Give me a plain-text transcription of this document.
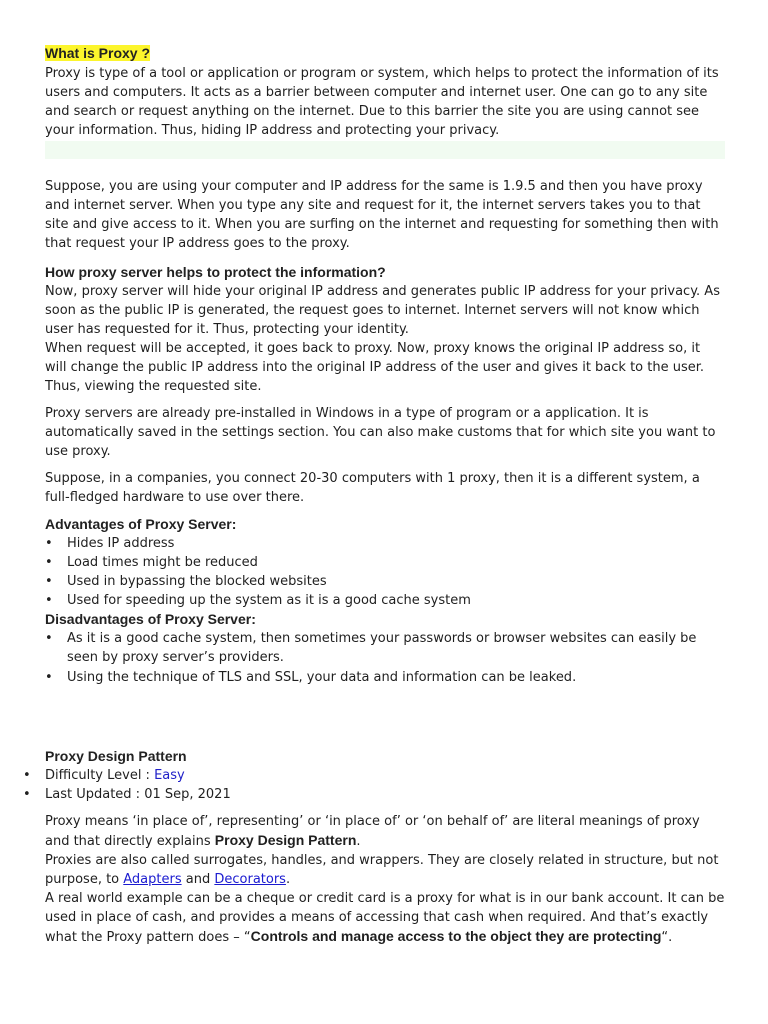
What is Proxy ?

Proxy is type of a tool or application or program or system, which helps to protect the information of its users and computers. It acts as a barrier between computer and internet user. One can go to any site and search or request anything on the internet. Due to this barrier the site you are using cannot see your information. Thus, hiding IP address and protecting your privacy.

Suppose, you are using your computer and IP address for the same is 1.9.5 and then you have proxy and internet server. When you type any site and request for it, the internet servers takes you to that site and give access to it. When you are surfing on the internet and requesting for something then with that request your IP address goes to the proxy.

How proxy server helps to protect the information?

Now, proxy server will hide your original IP address and generates public IP address for your privacy. As soon as the public IP is generated, the request goes to internet. Internet servers will not know which user has requested for it. Thus, protecting your identity.

When request will be accepted, it goes back to proxy. Now, proxy knows the original IP address so, it will change the public IP address into the original IP address of the user and gives it back to the user. Thus, viewing the requested site.

Proxy servers are already pre-installed in Windows in a type of program or a application. It is automatically saved in the settings section. You can also make customs that for which site you want to use proxy.

Suppose, in a companies, you connect 20-30 computers with 1 proxy, then it is a different system, a full-fledged hardware to use over there.

Advantages of Proxy Server:

• Hides IP address
• Load times might be reduced
• Used in bypassing the blocked websites
• Used for speeding up the system as it is a good cache system

Disadvantages of Proxy Server:

• As it is a good cache system, then sometimes your passwords or browser websites can easily be seen by proxy server’s providers.
• Using the technique of TLS and SSL, your data and information can be leaked.

Proxy Design Pattern

• Difficulty Level : Easy
• Last Updated : 01 Sep, 2021

Proxy means ‘in place of’, representing’ or ‘in place of’ or ‘on behalf of’ are literal meanings of proxy and that directly explains Proxy Design Pattern.

Proxies are also called surrogates, handles, and wrappers. They are closely related in structure, but not purpose, to Adapters and Decorators.

A real world example can be a cheque or credit card is a proxy for what is in our bank account. It can be used in place of cash, and provides a means of accessing that cash when required. And that’s exactly what the Proxy pattern does – “Controls and manage access to the object they are protecting“.
